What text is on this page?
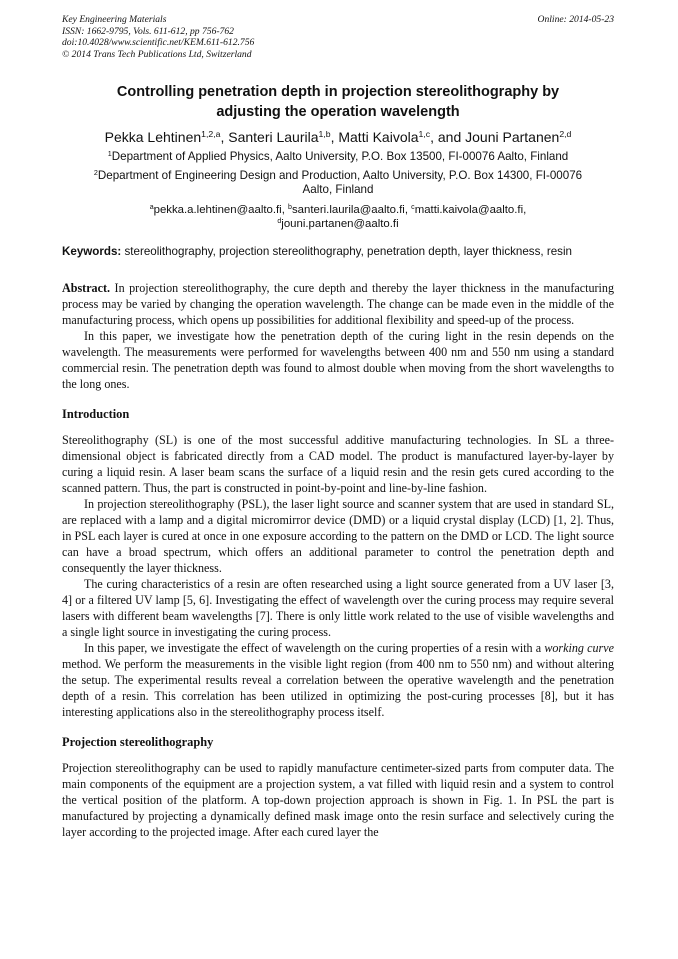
Key Engineering Materials
ISSN: 1662-9795, Vols. 611-612, pp 756-762
doi:10.4028/www.scientific.net/KEM.611-612.756
© 2014 Trans Tech Publications Ltd, Switzerland
Online: 2014-05-23
Controlling penetration depth in projection stereolithography by
adjusting the operation wavelength
Pekka Lehtinen$^{1,2,a}$, Santeri Laurila$^{1,b}$, Matti Kaivola$^{1,c}$, and Jouni Partanen$^{2,d}$
$^1$Department of Applied Physics, Aalto University, P.O. Box 13500, FI-00076 Aalto, Finland
$^2$Department of Engineering Design and Production, Aalto University, P.O. Box 14300, FI-00076
Aalto, Finland
$^a$pekka.a.lehtinen@aalto.fi, $^b$santeri.laurila@aalto.fi, $^c$matti.kaivola@aalto.fi,
$^d$jouni.partanen@aalto.fi
Keywords: stereolithography, projection stereolithography, penetration depth, layer thickness, resin

Abstract. In projection stereolithography, the cure depth and thereby the layer thickness in the manufacturing process may be varied by changing the operation wavelength. The change can be made even in the middle of the manufacturing process, which opens up possibilities for additional flexibility and speed-up of the process.

In this paper, we investigate how the penetration depth of the curing light in the resin depends on the wavelength. The measurements were performed for wavelengths between 400 nm and 550 nm using a standard commercial resin. The penetration depth was found to almost double when moving from the short wavelengths to the long ones.

Introduction

Stereolithography (SL) is one of the most successful additive manufacturing technologies. In SL a three-dimensional object is fabricated directly from a CAD model. The product is manufactured layer-by-layer by curing a liquid resin. A laser beam scans the surface of a liquid resin and the resin gets cured according to the scanned pattern. Thus, the part is constructed in point-by-point and line-by-line fashion.

In projection stereolithography (PSL), the laser light source and scanner system that are used in standard SL, are replaced with a lamp and a digital micromirror device (DMD) or a liquid crystal display (LCD) [1, 2]. Thus, in PSL each layer is cured at once in one exposure according to the pattern on the DMD or LCD. The light source can have a broad spectrum, which offers an additional parameter to control the penetration depth and consequently the layer thickness.

The curing characteristics of a resin are often researched using a light source generated from a UV laser [3, 4] or a filtered UV lamp [5, 6]. Investigating the effect of wavelength over the curing process may require several lasers with different beam wavelengths [7]. There is only little work related to the use of visible wavelengths and a single light source in investigating the curing process.

In this paper, we investigate the effect of wavelength on the curing properties of a resin with a working curve method. We perform the measurements in the visible light region (from 400 nm to 550 nm) and without altering the setup. The experimental results reveal a correlation between the operative wavelength and the penetration depth of a resin. This correlation has been utilized in optimizing the post-curing processes [8], but it has interesting applications also in the stereolithography process itself.

Projection stereolithography

Projection stereolithography can be used to rapidly manufacture centimeter-sized parts from computer data. The main components of the equipment are a projection system, a vat filled with liquid resin and a system to control the vertical position of the platform. A top-down projection approach is shown in Fig. 1. In PSL the part is manufactured by projecting a dynamically defined mask image onto the resin surface and selectively curing the layer according to the projected image. After each cured layer the
